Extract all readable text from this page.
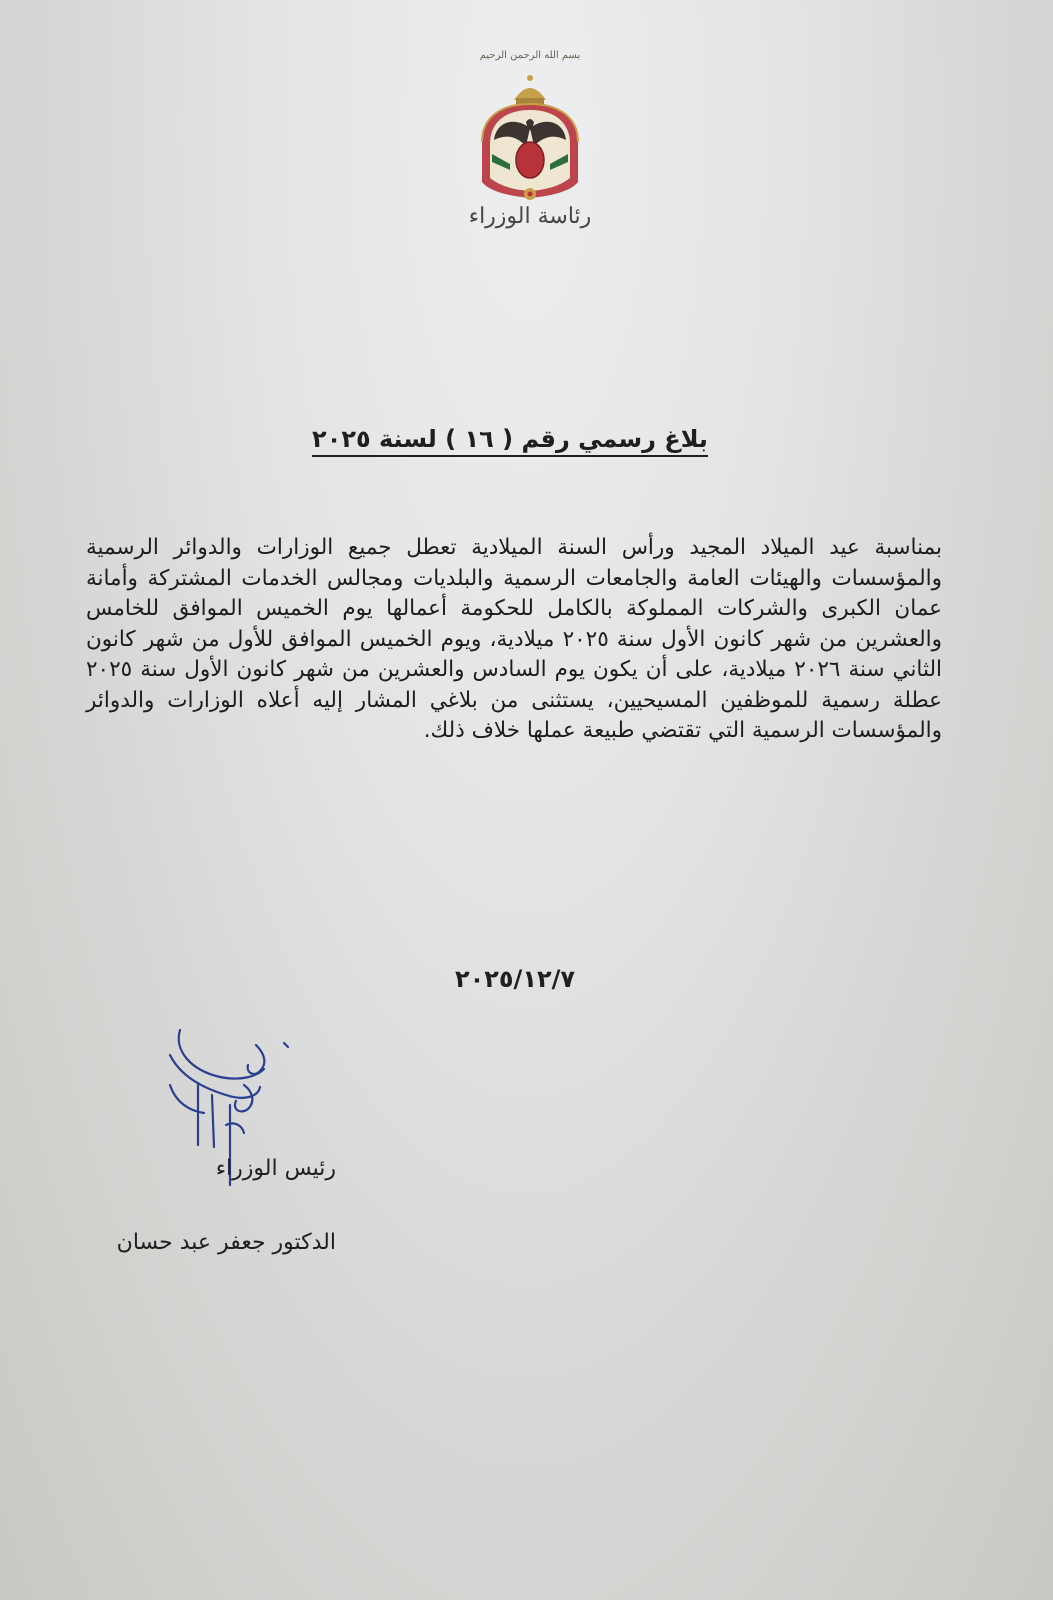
بسم الله الرحمن الرحيم
رئاسة الوزراء
بلاغ رسمي رقم ( ١٦ ) لسنة ٢٠٢٥
بمناسبة عيد الميلاد المجيد ورأس السنة الميلادية تعطل جميع الوزارات والدوائر الرسمية والمؤسسات والهيئات العامة والجامعات الرسمية والبلديات ومجالس الخدمات المشتركة وأمانة عمان الكبرى والشركات المملوكة بالكامل للحكومة أعمالها يوم الخميس الموافق للخامس والعشرين من شهر كانون الأول سنة ٢٠٢٥ ميلادية، ويوم الخميس الموافق للأول من شهر كانون الثاني سنة ٢٠٢٦ ميلادية، على أن يكون يوم السادس والعشرين من شهر كانون الأول سنة ٢٠٢٥ عطلة رسمية للموظفين المسيحيين، يستثنى من بلاغي المشار إليه أعلاه الوزارات والدوائر والمؤسسات الرسمية التي تقتضي طبيعة عملها خلاف ذلك.
٢٠٢٥/١٢/٧
رئيس الوزراء
الدكتور جعفر عبد حسان
